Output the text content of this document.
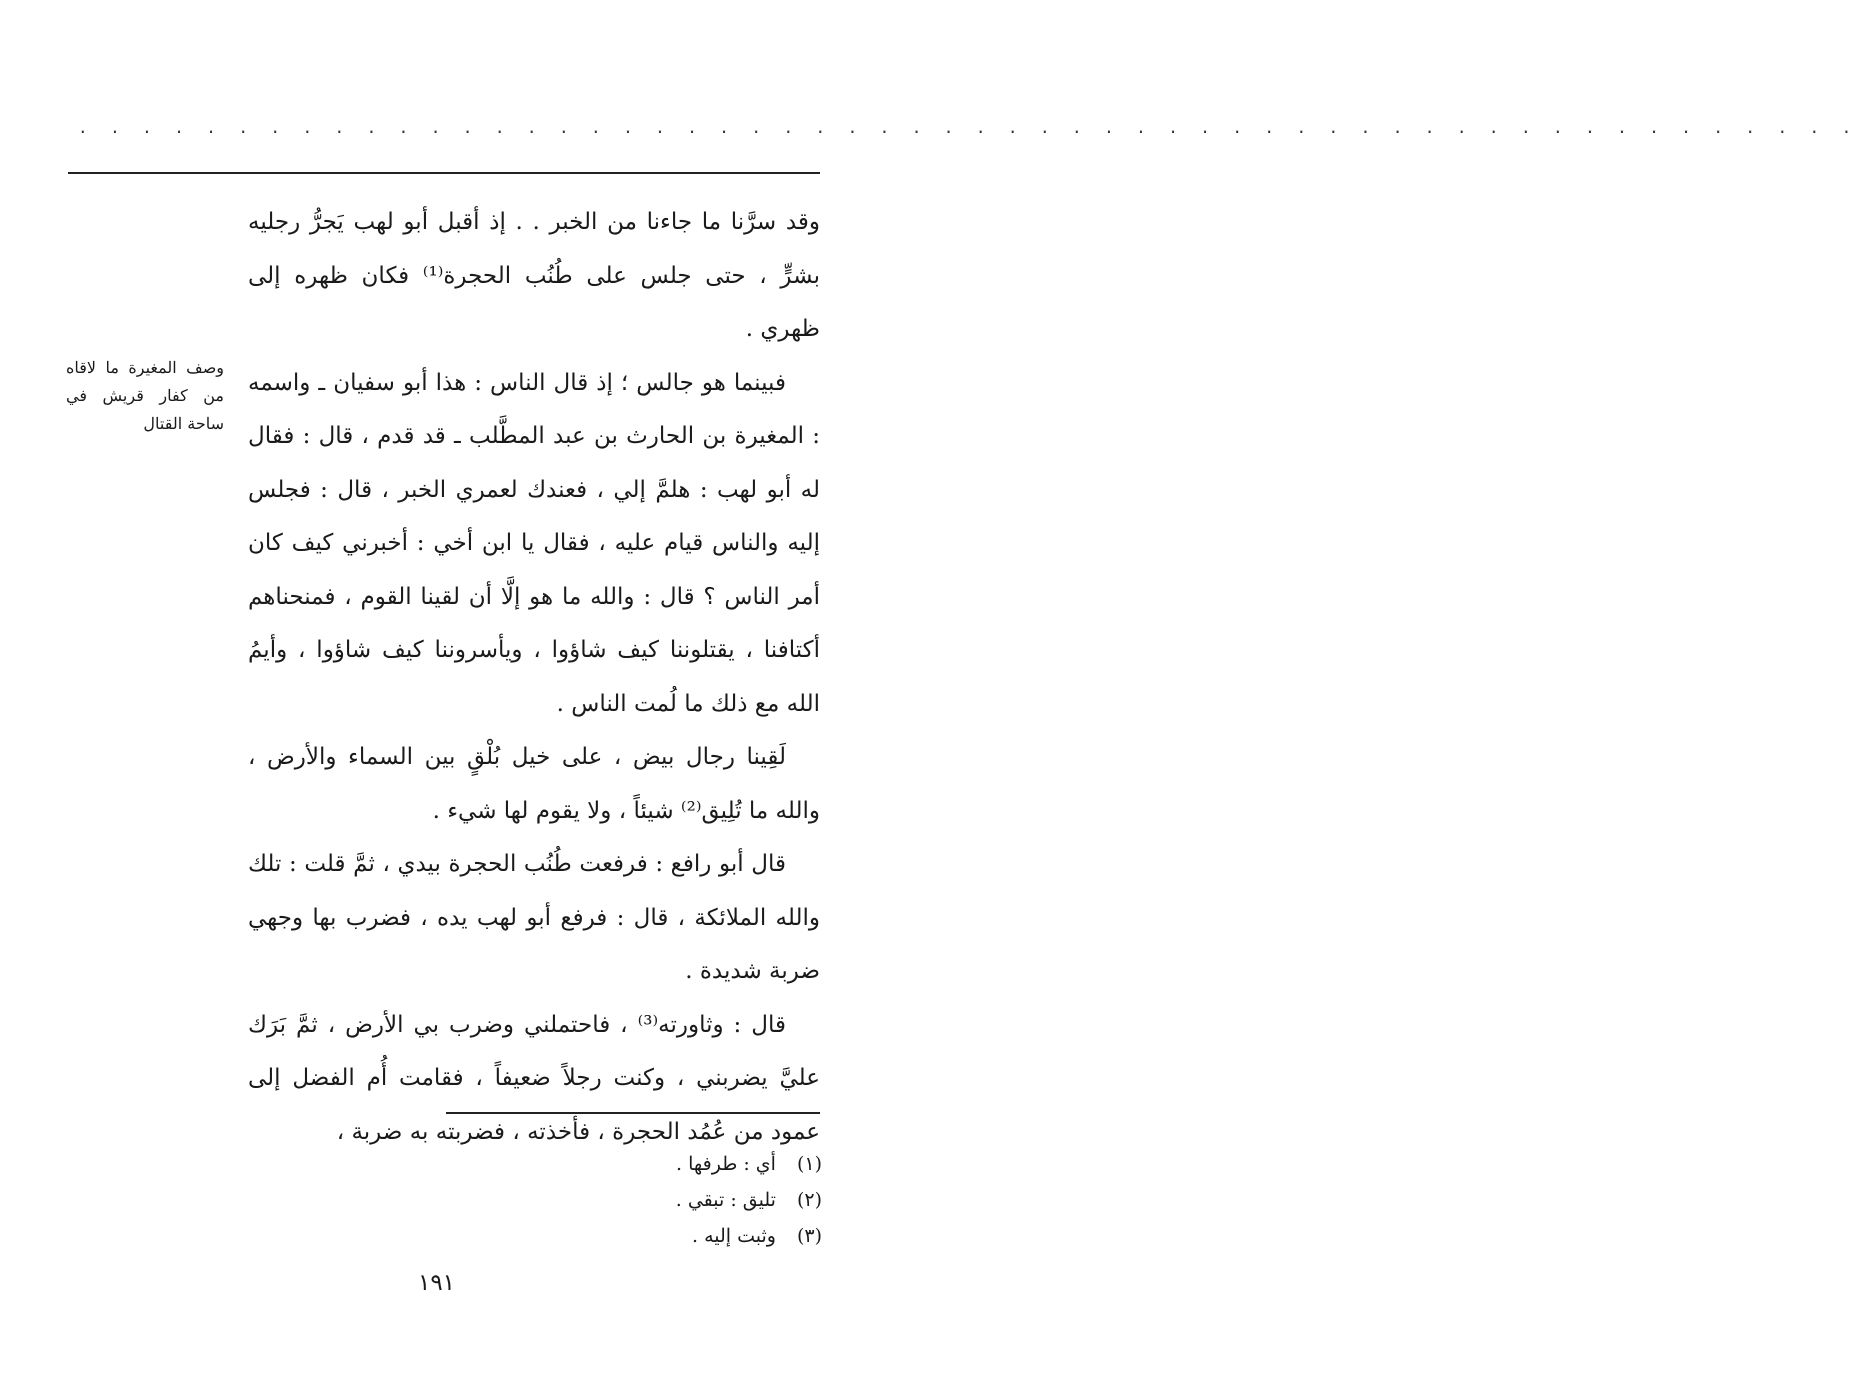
. . . . . . . . . . . . . . . . . . . . . . . . . . . . . . . . . . . . . . . . . . . . . . . . . . . . . . . .
وصف المغيرة ما لاقاه من كفار قريش في ساحة القتال

وقد سرَّنا ما جاءنا من الخبر . . إذ أقبل أبو لهب يَجرُّ رجليه بشرٍّ ، حتى جلس على طُنُب الحجرة⁽¹⁾ فكان ظهره إلى ظهري .

فبينما هو جالس ؛ إذ قال الناس : هذا أبو سفيان ـ واسمه : المغيرة بن الحارث بن عبد المطَّلب ـ قد قدم ، قال : فقال له أبو لهب : هلمَّ إلي ، فعندك لعمري الخبر ، قال : فجلس إليه والناس قيام عليه ، فقال يا ابن أخي : أخبرني كيف كان أمر الناس ؟ قال : والله ما هو إلَّا أن لقينا القوم ، فمنحناهم أكتافنا ، يقتلوننا كيف شاؤوا ، ويأسروننا كيف شاؤوا ، وأيمُ الله مع ذلك ما لُمت الناس .

لَقِينا رجال بيض ، على خيل بُلْقٍ بين السماء والأرض ، والله ما تُلِيق⁽²⁾ شيئاً ، ولا يقوم لها شيء .

قال أبو رافع : فرفعت طُنُب الحجرة بيدي ، ثمَّ قلت : تلك والله الملائكة ، قال : فرفع أبو لهب يده ، فضرب بها وجهي ضربة شديدة .

قال : وثاورته⁽³⁾ ، فاحتملني وضرب بي الأرض ، ثمَّ بَرَك عليَّ يضربني ، وكنت رجلاً ضعيفاً ، فقامت أُم الفضل إلى عمود من عُمُد الحجرة ، فأخذته ، فضربته به ضربة ،

(١) أي : طرفها .
(٢) تليق : تبقي .
(٣) وثبت إليه .
١٩١
